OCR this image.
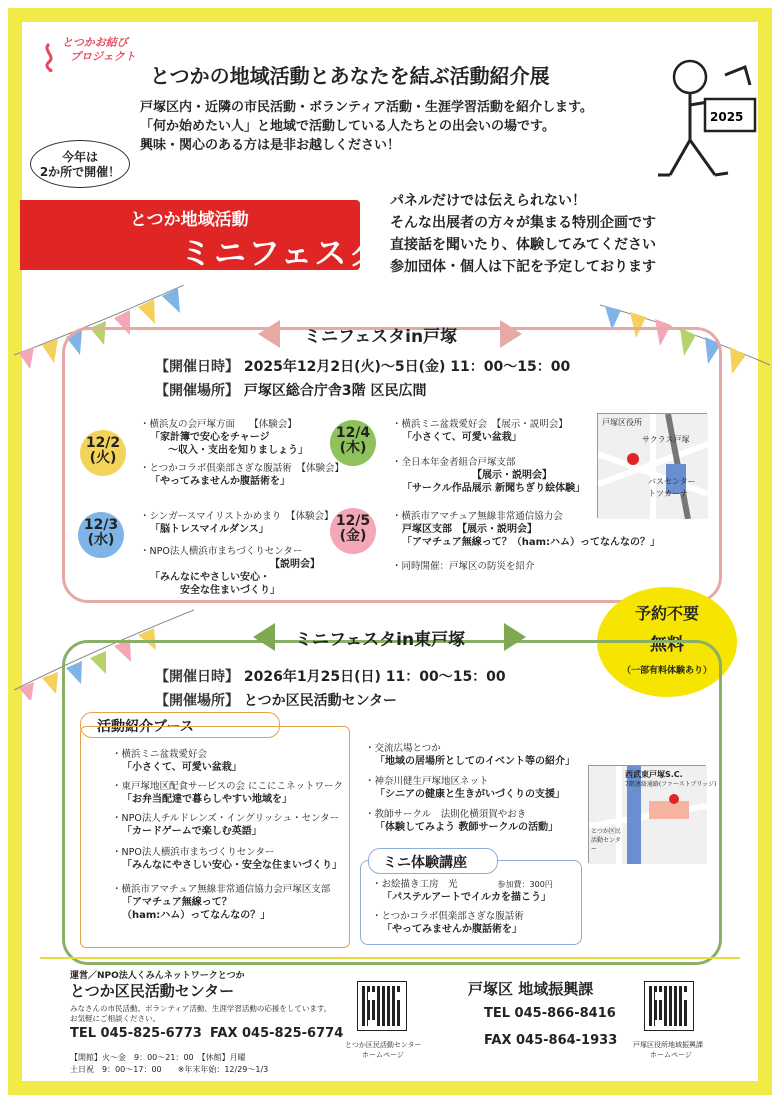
とつかお結び
プロジェクト
とつかの地域活動とあなたを結ぶ活動紹介展
戸塚区内・近隣の市民活動・ボランティア活動・生涯学習活動を紹介します。
「何か始めたい人」と地域で活動している人たちとの出会いの場です。
興味・関心のある方は是非お越しください！
2025
今年は
2か所で開催！
とつか地域活動
ミニフェスタ
パネルだけでは伝えられない！
そんな出展者の方々が集まる特別企画です
直接話を聞いたり、体験してみてください
参加団体・個人は下記を予定しております
ミニフェスタin戸塚
【開催日時】 2025年12月2日(火)～5日(金) 11：00～15：00
【開催場所】 戸塚区総合庁舎3階 区民広間
12/2
(火)
12/4
(木)
12/3
(水)
12/5
(金)
・横浜友の会戸塚方面　　【体験会】
「家計簿で安心をチャージ
～収入・支出を知りましょう」
・とつかコラボ倶楽部さぎな腹話術　【体験会】
「やってみませんか腹話術を」
・横浜ミニ盆栽愛好会　【展示・説明会】
「小さくて、可愛い盆栽」
・全日本年金者組合戸塚支部
【展示・説明会】
「サークル作品展示 新聞ちぎり絵体験」
・シンガースマイリストかめまり　【体験会】
「脳トレスマイルダンス」
・NPO法人横浜市まちづくりセンター
【説明会】
「みんなにやさしい安心・
安全な住まいづくり」
・横浜市アマチュア無線非常通信協力会
戸塚区支部　【展示・説明会】
「アマチュア無線って？（ham:ハム）ってなんなの？」
・同時開催：戸塚区の防災を紹介
戸塚区役所
サクラス戸塚
バスセンター
トツカーナ
予約不要
無料
（一部有料体験あり）
ミニフェスタin東戸塚
【開催日時】 2026年1月25日(日) 11：00～15：00
【開催場所】 とつか区民活動センター
活動紹介ブース
・横浜ミニ盆栽愛好会
「小さくて、可愛い盆栽」
・東戸塚地区配食サービスの会 にこにこネットワーク
「お弁当配達で暮らしやすい地域を」
・NPO法人チルドレンズ・イングリッシュ・センター
「カードゲームで楽しむ英語」
・NPO法人横浜市まちづくりセンター
「みんなにやさしい安心・安全な住まいづくり」
・横浜市アマチュア無線非常通信協力会戸塚区支部
「アマチュア無線って？
（ham:ハム）ってなんなの？」
・交流広場とつか
「地域の居場所としてのイベント等の紹介」
・神奈川健生戸塚地区ネット
「シニアの健康と生きがいづくりの支援」
・教師サークル　法則化横須賀やおき
「体験してみよう 教師サークルの活動」
ミニ体験講座
・お絵描き工房　光	参加費：300円
「パステルアートでイルカを描こう」
・とつかコラボ倶楽部さぎな腹話術
「やってみませんか腹話術を」
西武東戸塚S.C.
7階連絡通路(ファーストブリッジ)
とつか区民活動センター
運営／NPO法人くみんネットワークとつか
とつか区民活動センター
みなさんの市民活動、ボランティア活動、生涯学習活動の応援をしています。
お気軽にご相談ください。
TEL 045-825-6773 FAX 045-825-6774
【開館】火～金　9：00～21：00　【休館】月曜
土日祝　9：00～17：00　　※年末年始：12/29～1/3
とつか区民活動センター
ホームページ
戸塚区 地域振興課
TEL 045-866-8416
FAX 045-864-1933 戸塚区役所地域振興課
ホームページ
